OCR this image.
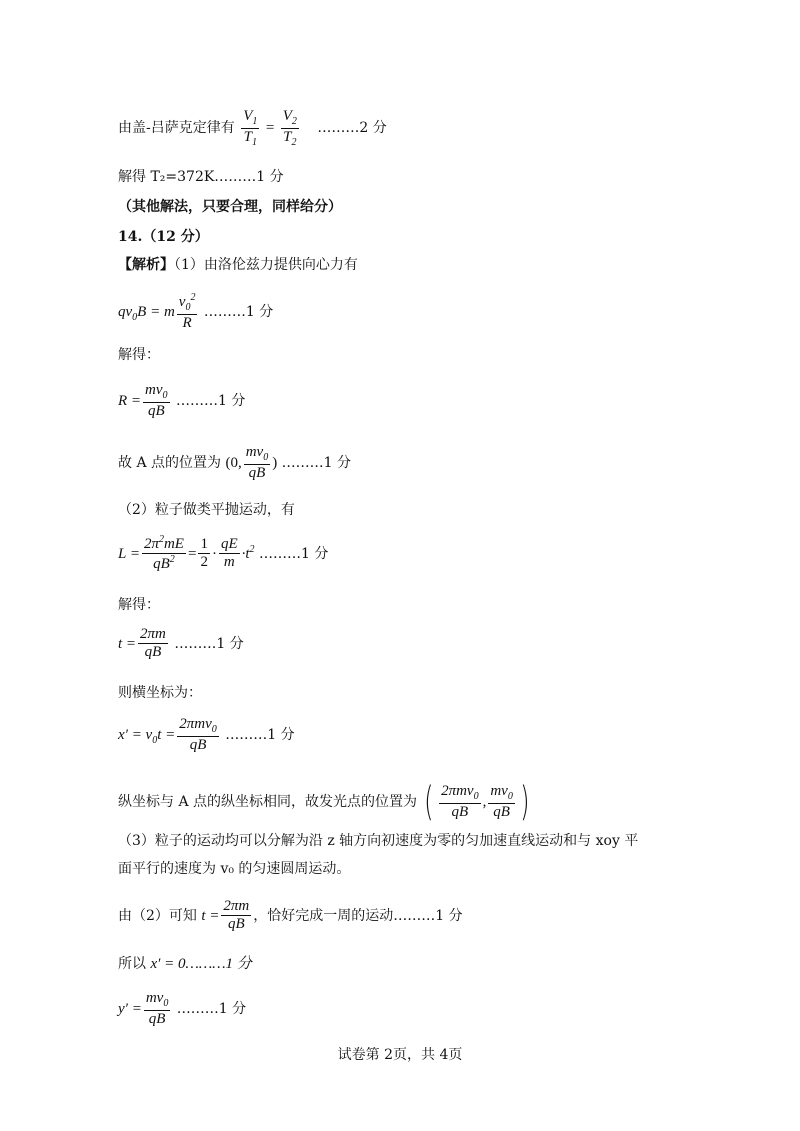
由盖-吕萨克定律有 $\frac{V_1}{T_1} = \frac{V_2}{T_2}$ ………2 分
解得 T₂=372K………1 分
（其他解法，只要合理，同样给分）
14.（12 分）
【解析】（1）由洛伦兹力提供向心力有
$qv_0B = m \frac{v_0^2}{R}$ ………1 分
解得：
$R = \frac{mv_0}{qB}$ ………1 分
故 A 点的位置为 (0, $\frac{mv_0}{qB}$ ) ………1 分
（2）粒子做类平抛运动，有
$L = \frac{2\pi^2mE}{qB^2} = \frac{1}{2} \cdot \frac{qE}{m} \cdot t^2$ ………1 分
解得：
$t = \frac{2\pi m}{qB}$ ………1 分
则横坐标为：
$x' = v_0t = \frac{2\pi mv_0}{qB}$ ………1 分
纵坐标与 A 点的纵坐标相同，故发光点的位置为 ( $\frac{2\pi mv_0}{qB}$ , $\frac{mv_0}{qB}$ )
（3）粒子的运动均可以分解为沿 z 轴方向初速度为零的匀加速直线运动和与 xoy 平
面平行的速度为 v₀ 的匀速圆周运动。
由（2）可知 $t = \frac{2\pi m}{qB}$ ，恰好完成一周的运动………1 分
所以 x′ = 0………1 分
$y' = \frac{mv_0}{qB}$ ………1 分
试卷第 2页，共 4页
